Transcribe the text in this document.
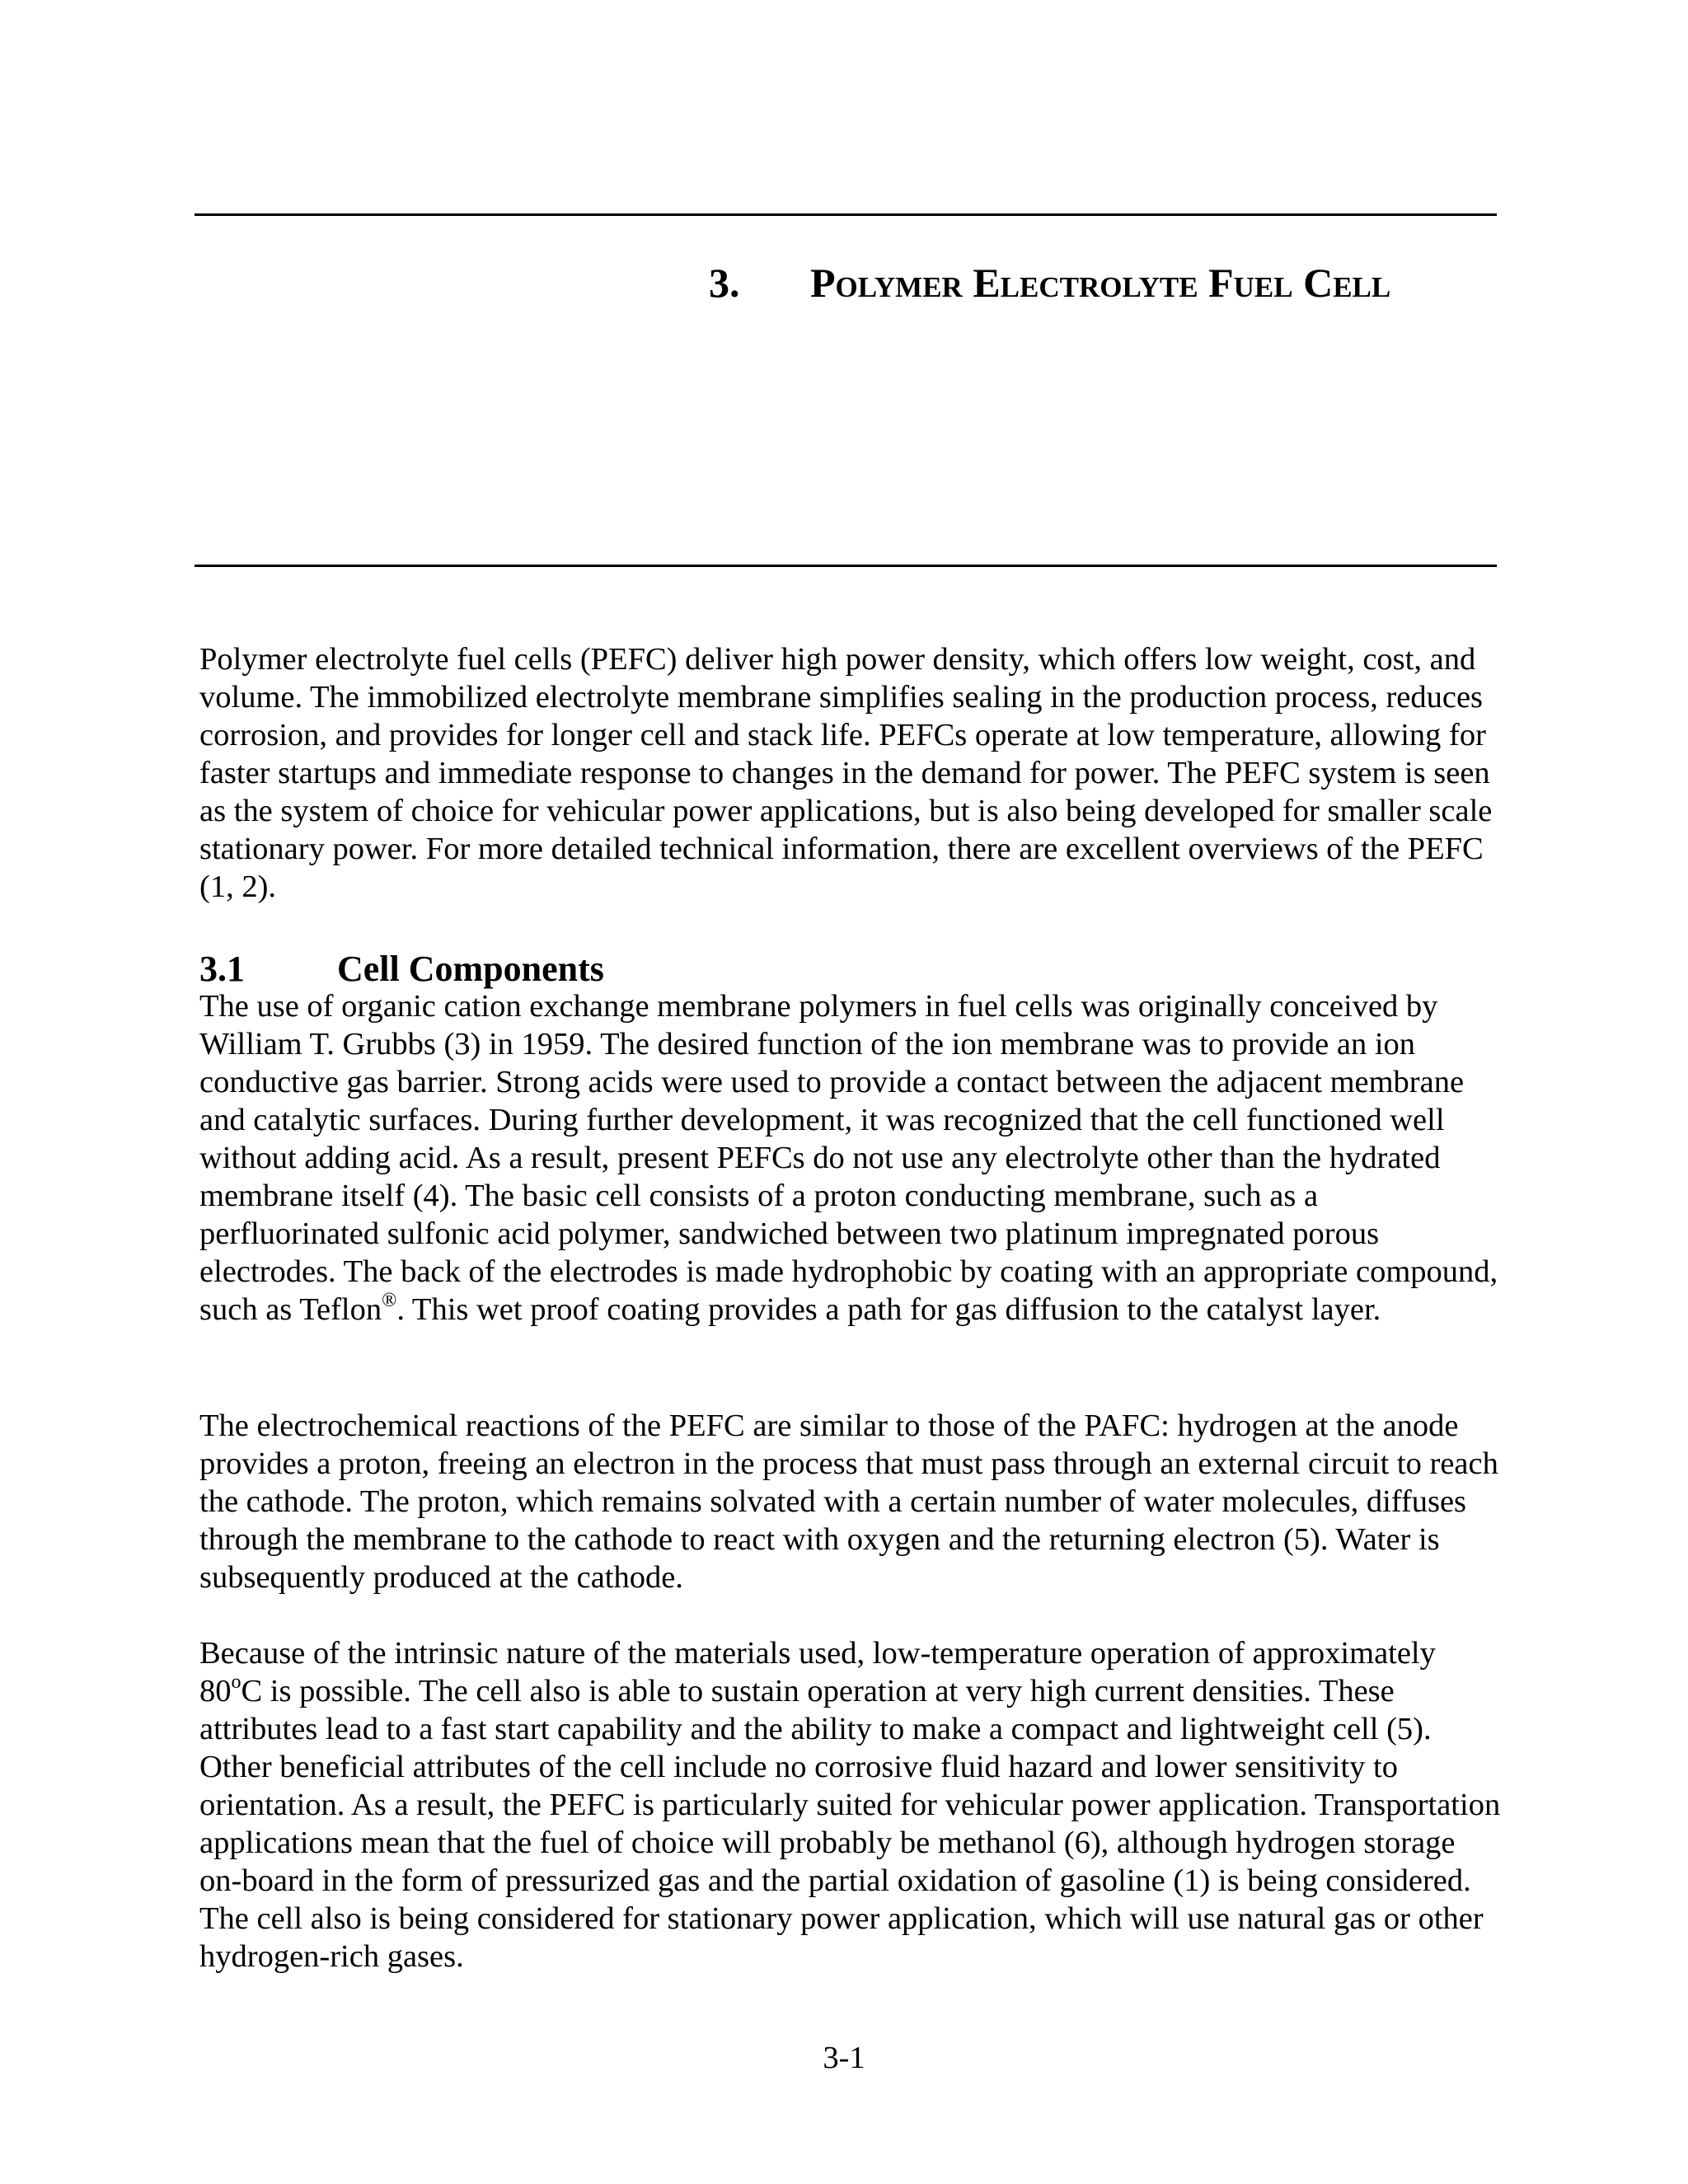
3. Polymer Electrolyte Fuel Cell

Polymer electrolyte fuel cells (PEFC) deliver high power density, which offers low weight, cost, and volume. The immobilized electrolyte membrane simplifies sealing in the production process, reduces corrosion, and provides for longer cell and stack life. PEFCs operate at low temperature, allowing for faster startups and immediate response to changes in the demand for power. The PEFC system is seen as the system of choice for vehicular power applications, but is also being developed for smaller scale stationary power. For more detailed technical information, there are excellent overviews of the PEFC (1, 2).

3.1	Cell Components

The use of organic cation exchange membrane polymers in fuel cells was originally conceived by William T. Grubbs (3) in 1959. The desired function of the ion membrane was to provide an ion conductive gas barrier. Strong acids were used to provide a contact between the adjacent membrane and catalytic surfaces. During further development, it was recognized that the cell functioned well without adding acid. As a result, present PEFCs do not use any electrolyte other than the hydrated membrane itself (4). The basic cell consists of a proton conducting membrane, such as a perfluorinated sulfonic acid polymer, sandwiched between two platinum impregnated porous electrodes. The back of the electrodes is made hydrophobic by coating with an appropriate compound, such as Teflon®. This wet proof coating provides a path for gas diffusion to the catalyst layer.

The electrochemical reactions of the PEFC are similar to those of the PAFC: hydrogen at the anode provides a proton, freeing an electron in the process that must pass through an external circuit to reach the cathode. The proton, which remains solvated with a certain number of water molecules, diffuses through the membrane to the cathode to react with oxygen and the returning electron (5). Water is subsequently produced at the cathode.

Because of the intrinsic nature of the materials used, low-temperature operation of approximately 80$^o$C is possible. The cell also is able to sustain operation at very high current densities. These attributes lead to a fast start capability and the ability to make a compact and lightweight cell (5). Other beneficial attributes of the cell include no corrosive fluid hazard and lower sensitivity to orientation. As a result, the PEFC is particularly suited for vehicular power application. Transportation applications mean that the fuel of choice will probably be methanol (6), although hydrogen storage on-board in the form of pressurized gas and the partial oxidation of gasoline (1) is being considered. The cell also is being considered for stationary power application, which will use natural gas or other hydrogen-rich gases.

3-1
